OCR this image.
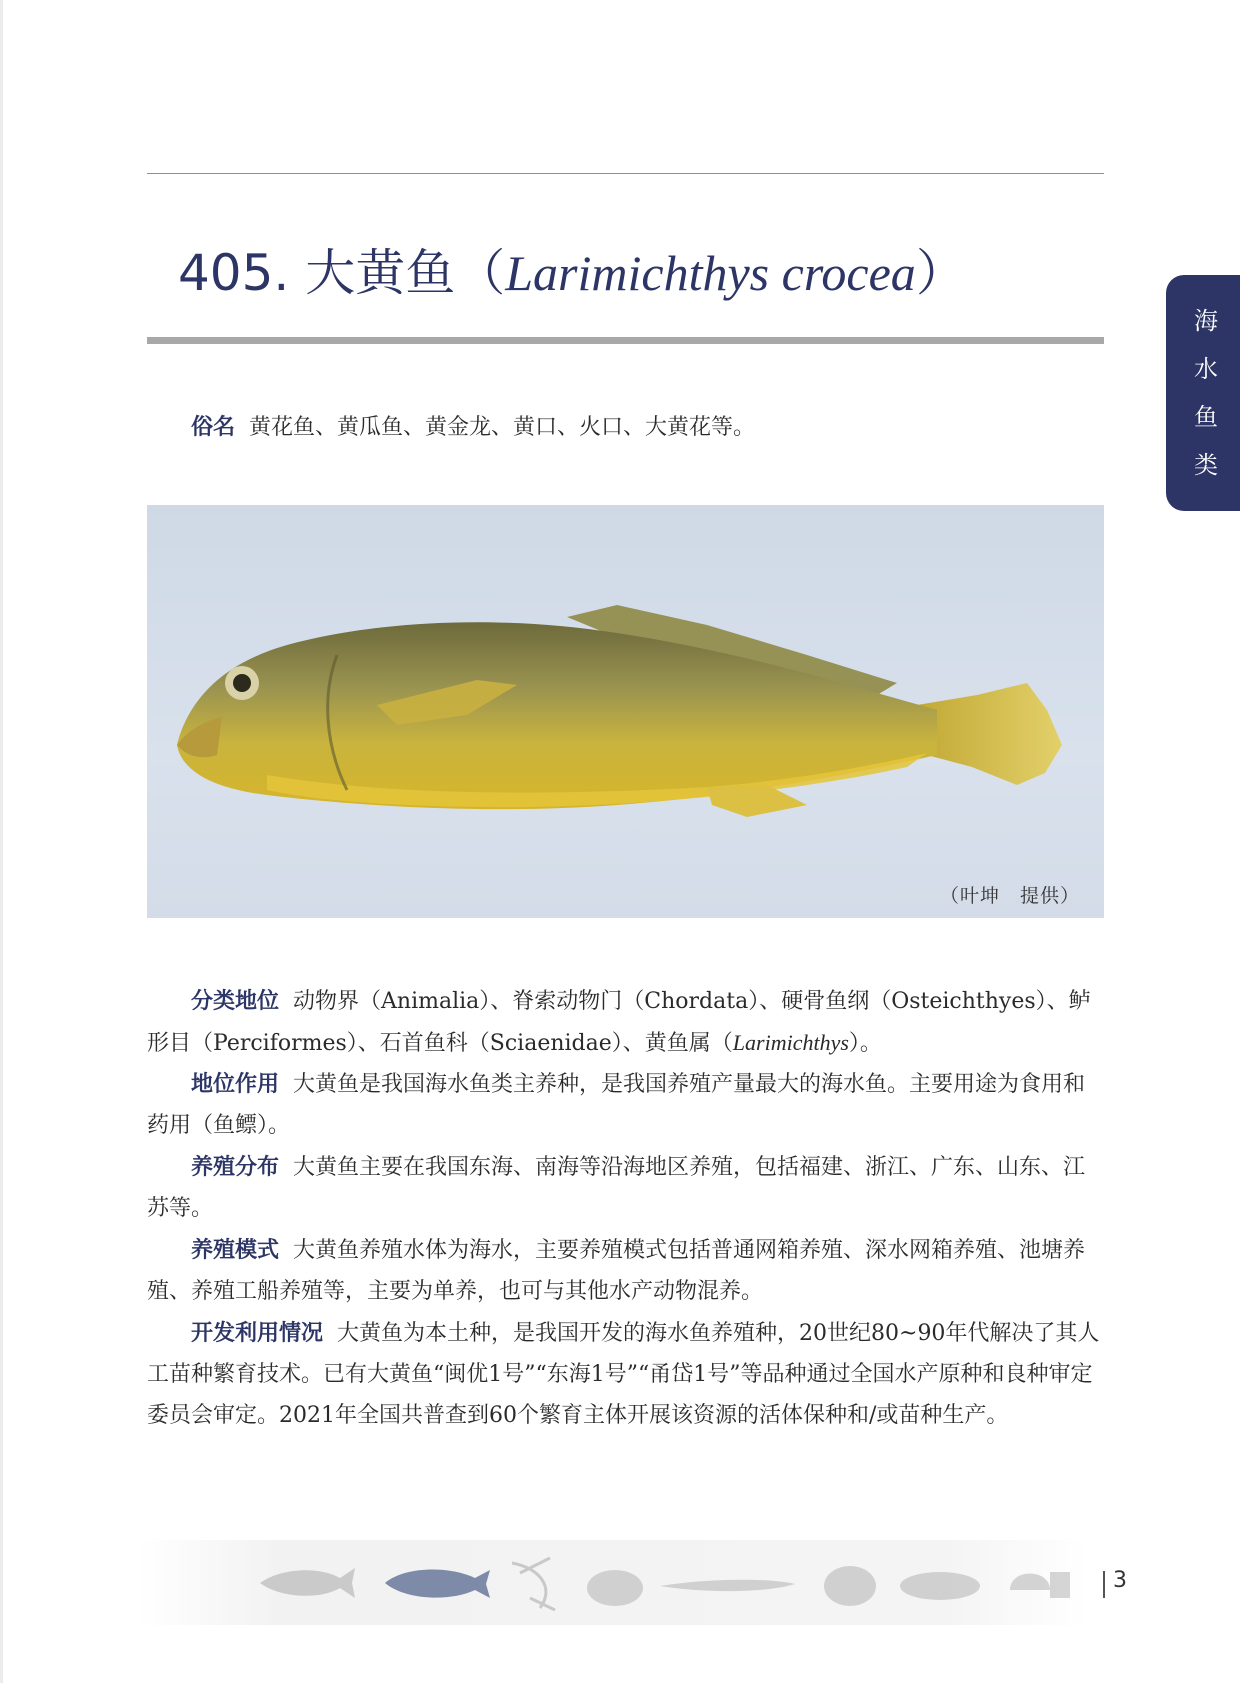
405. 大黄鱼（Larimichthys crocea）
海
水
鱼
类

俗名 黄花鱼、黄瓜鱼、黄金龙、黄口、火口、大黄花等。

（叶坤　提供）

分类地位 动物界（Animalia）、脊索动物门（Chordata）、硬骨鱼纲（Osteichthyes）、鲈形目（Perciformes）、石首鱼科（Sciaenidae）、黄鱼属（Larimichthys）。

地位作用 大黄鱼是我国海水鱼类主养种，是我国养殖产量最大的海水鱼。主要用途为食用和药用（鱼鳔）。

养殖分布 大黄鱼主要在我国东海、南海等沿海地区养殖，包括福建、浙江、广东、山东、江苏等。

养殖模式 大黄鱼养殖水体为海水，主要养殖模式包括普通网箱养殖、深水网箱养殖、池塘养殖、养殖工船养殖等，主要为单养，也可与其他水产动物混养。

开发利用情况 大黄鱼为本土种，是我国开发的海水鱼养殖种，20世纪80~90年代解决了其人工苗种繁育技术。已有大黄鱼“闽优1号”“东海1号”“甬岱1号”等品种通过全国水产原种和良种审定委员会审定。2021年全国共普查到60个繁育主体开展该资源的活体保种和/或苗种生产。

3
